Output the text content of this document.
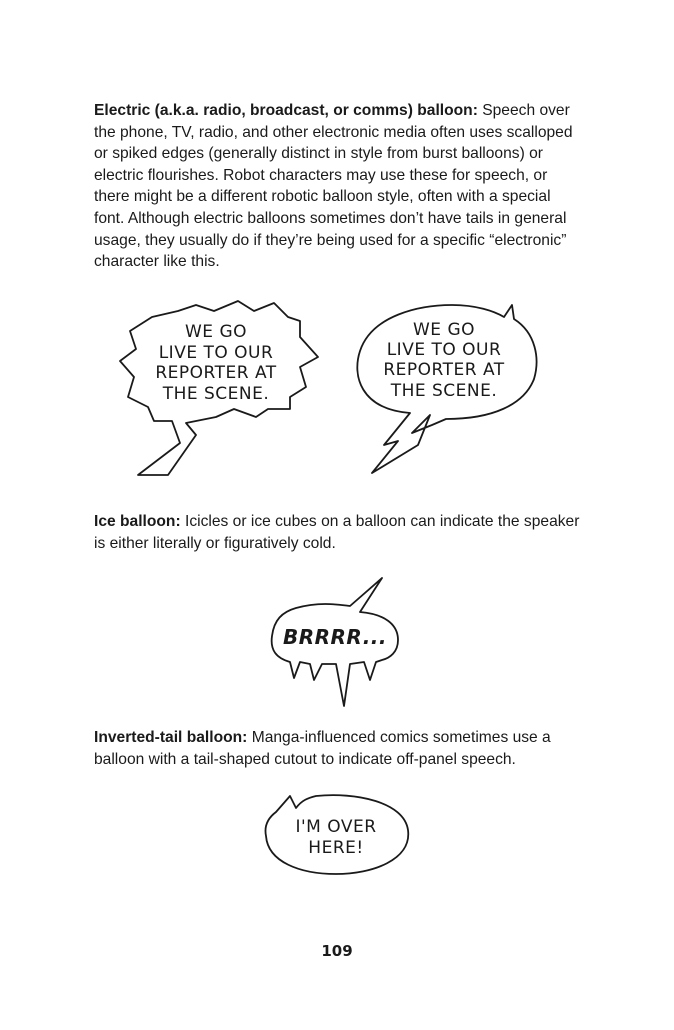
Electric (a.k.a. radio, broadcast, or comms) balloon: Speech over the phone, TV, radio, and other electronic media often uses scalloped or spiked edges (generally distinct in style from burst balloons) or electric flourishes. Robot characters may use these for speech, or there might be a different robotic balloon style, often with a special font. Although electric balloons sometimes don’t have tails in general usage, they usually do if they’re being used for a specific “electronic” character like this.
WE GO
LIVE TO OUR
REPORTER AT
THE SCENE.
WE GO
LIVE TO OUR
REPORTER AT
THE SCENE.
Ice balloon: Icicles or ice cubes on a balloon can indicate the speaker is either literally or figuratively cold.
BRRRR...
Inverted-tail balloon: Manga-influenced comics sometimes use a balloon with a tail-shaped cutout to indicate off-panel speech.
I'M OVER
HERE!
109
